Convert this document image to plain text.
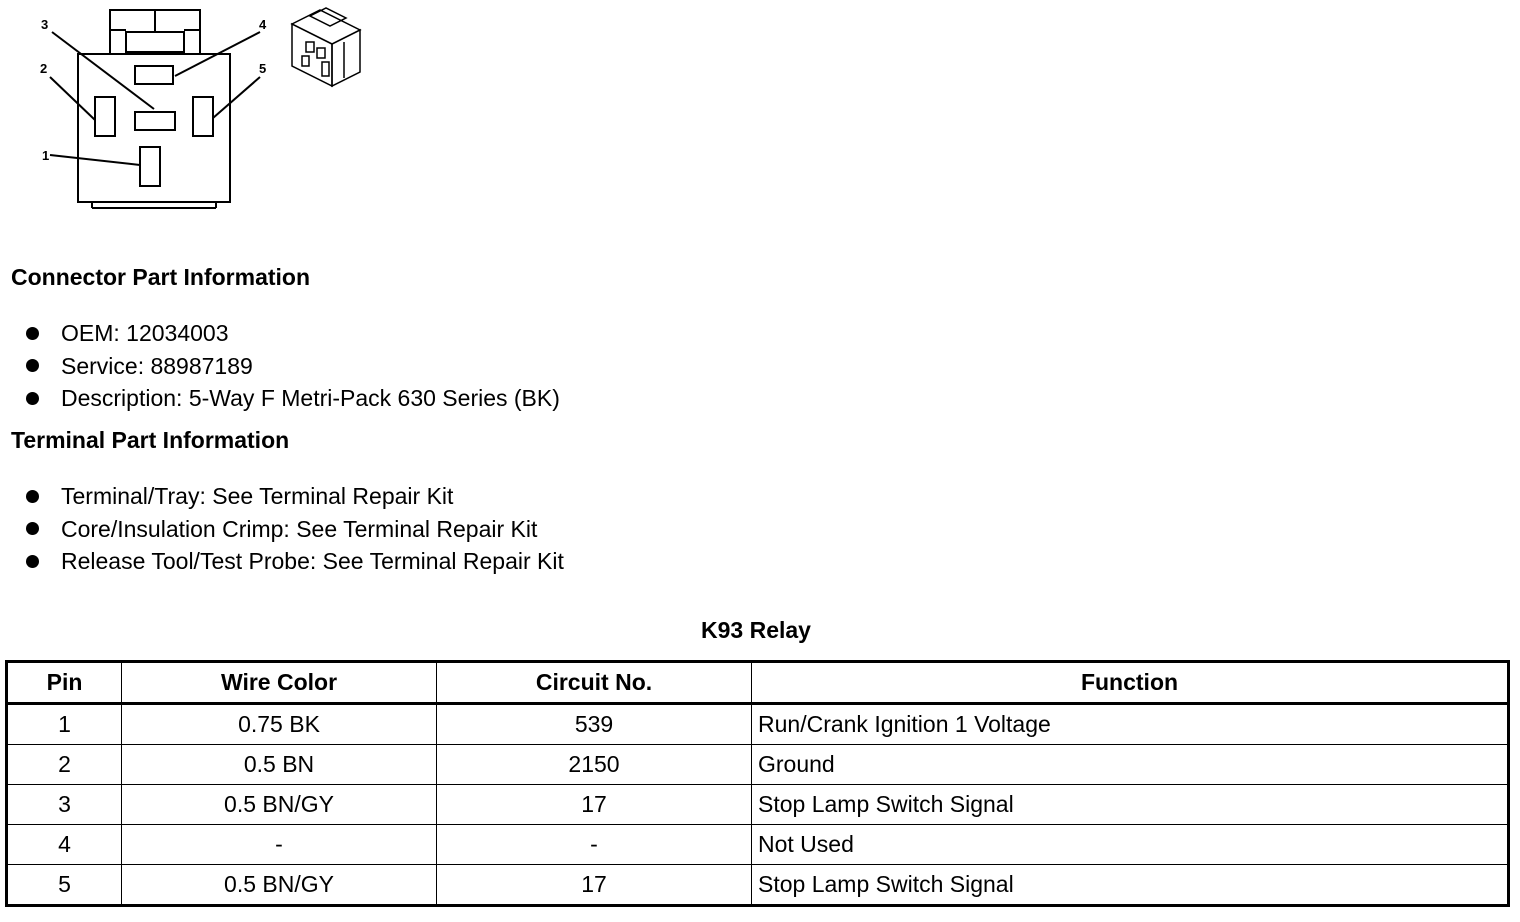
3
2
1
4
5
Connector Part Information
OEM: 12034003
Service: 88987189
Description: 5-Way F Metri-Pack 630 Series (BK)
Terminal Part Information
Terminal/Tray: See Terminal Repair Kit
Core/Insulation Crimp: See Terminal Repair Kit
Release Tool/Test Probe: See Terminal Repair Kit
K93 Relay
Pin	Wire Color	Circuit No.	Function
1	0.75 BK	539	Run/Crank Ignition 1 Voltage
2	0.5 BN	2150	Ground
3	0.5 BN/GY	17	Stop Lamp Switch Signal
4	-	-	Not Used
5	0.5 BN/GY	17	Stop Lamp Switch Signal
